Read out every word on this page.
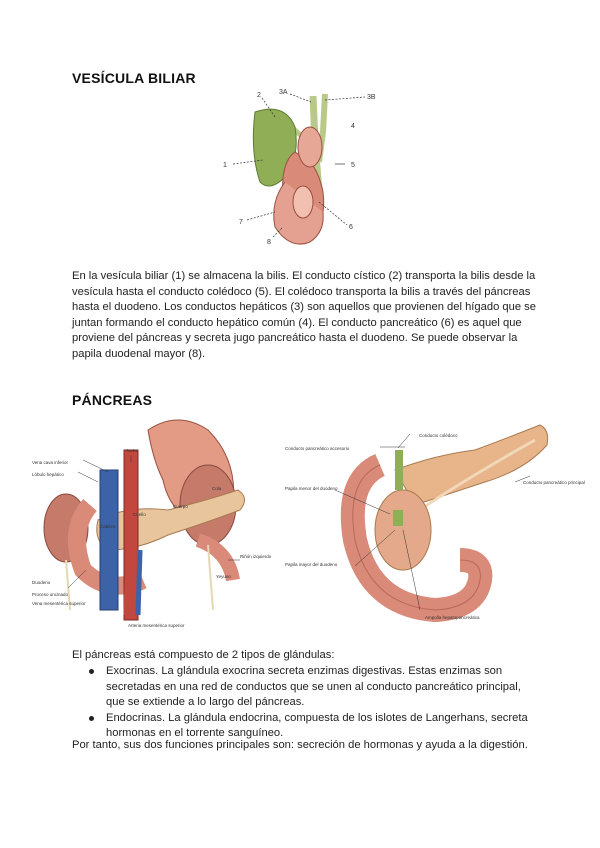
VESÍCULA BILIAR
1
2	3A
3B
4
5
6
7
8

En la vesícula biliar (1) se almacena la bilis. El conducto cístico (2) transporta la bilis desde la vesícula hasta el conducto colédoco (5). El colédoco transporta la bilis a través del páncreas hasta el duodeno. Los conductos hepáticos (3) son aquellos que provienen del hígado que se juntan formando el conducto hepático común (4). El conducto pancreático (6) es aquel que proviene del páncreas y secreta jugo pancreático hasta el duodeno. Se puede observar la papila duodenal mayor (8).

PÁNCREAS
Vena cava inferior
Lóbulo hepático
Aorta
Cola
Cuerpo
Cuello
Cabeza
Riñón izquierdo
Yeyuno
Duodeno
Proceso uncinado
Vena mesentérica superior
Arteria mesentérica superior
Conducto colédoco
Conducto pancreático accesorio
Papila menor del duodeno
Papila mayor del duodeno
Conducto pancreático principal
Ampolla hepatopancreática

El páncreas está compuesto de 2 tipos de glándulas:

Exocrinas. La glándula exocrina secreta enzimas digestivas. Estas enzimas son secretadas en una red de conductos que se unen al conducto pancreático principal, que se extiende a lo largo del páncreas.
Endocrinas. La glándula endocrina, compuesta de los islotes de Langerhans, secreta hormonas en el torrente sanguíneo.

Por tanto, sus dos funciones principales son: secreción de hormonas y ayuda a la digestión.
